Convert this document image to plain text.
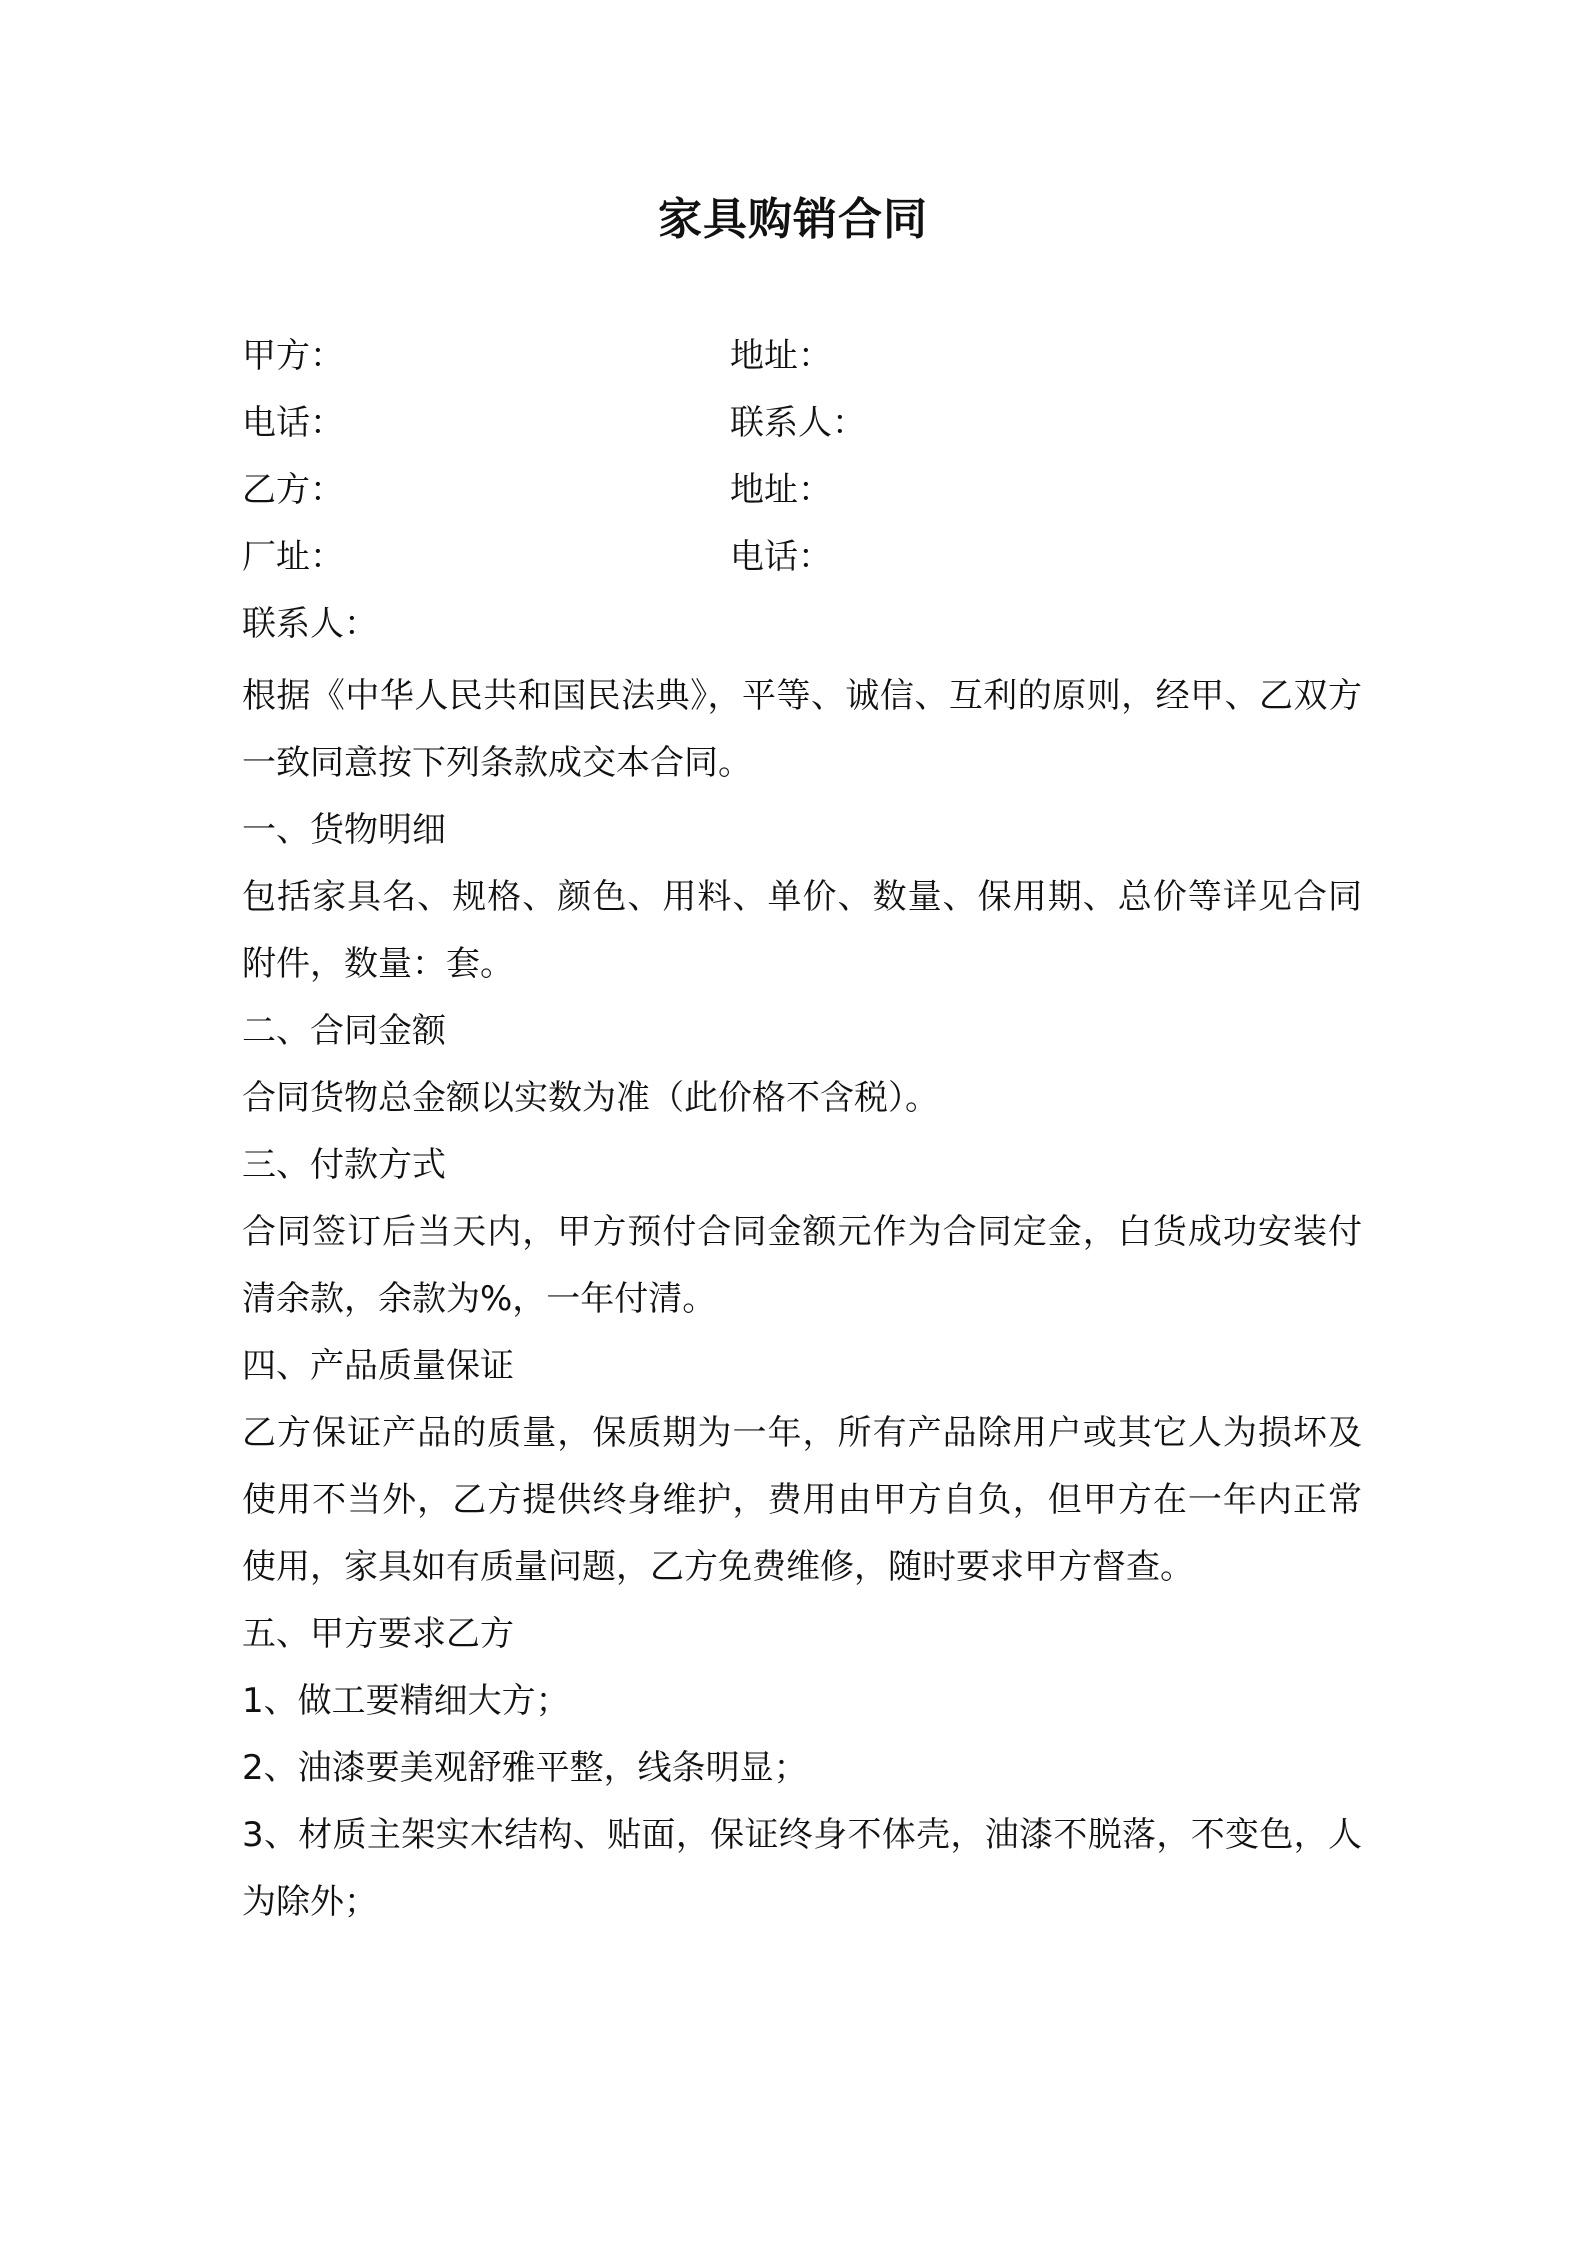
家具购销合同
甲方：	地址：
电话：	联系人：
乙方：	地址：
厂址：	电话：
联系人：

根据《中华人民共和国民法典》，平等、诚信、互利的原则，经甲、乙双方一致同意按下列条款成交本合同。

一、货物明细

包括家具名、规格、颜色、用料、单价、数量、保用期、总价等详见合同附件，数量：套。

二、合同金额

合同货物总金额以实数为准（此价格不含税）。

三、付款方式

合同签订后当天内，甲方预付合同金额元作为合同定金，白货成功安装付清余款，余款为%，一年付清。

四、产品质量保证

乙方保证产品的质量，保质期为一年，所有产品除用户或其它人为损坏及使用不当外，乙方提供终身维护，费用由甲方自负，但甲方在一年内正常使用，家具如有质量问题，乙方免费维修，随时要求甲方督查。

五、甲方要求乙方

1、做工要精细大方；

2、油漆要美观舒雅平整，线条明显；

3、材质主架实木结构、贴面，保证终身不体壳，油漆不脱落，不变色，人为除外；
